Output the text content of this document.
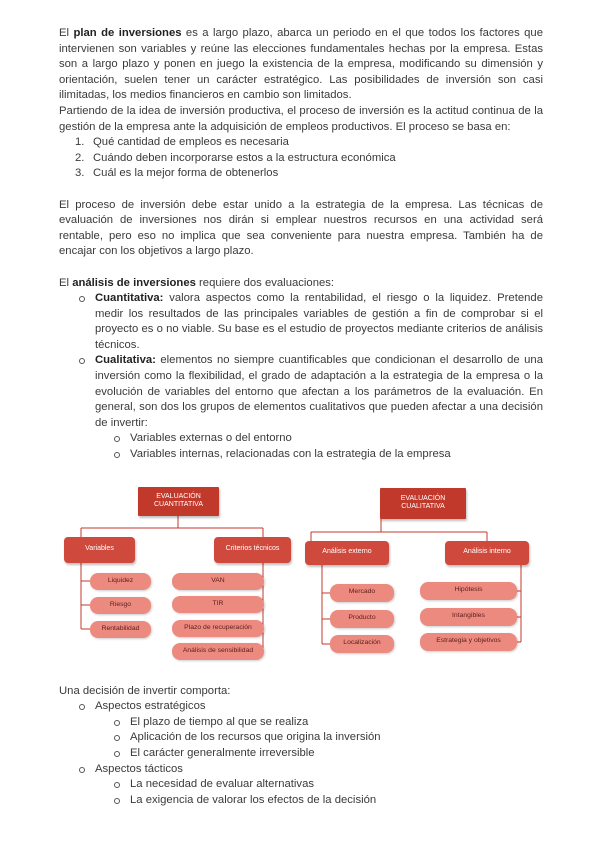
El plan de inversiones es a largo plazo, abarca un periodo en el que todos los factores que intervienen son variables y reúne las elecciones fundamentales hechas por la empresa. Estas son a largo plazo y ponen en juego la existencia de la empresa, modificando su dimensión y orientación, suelen tener un carácter estratégico. Las posibilidades de inversión son casi ilimitadas, los medios financieros en cambio son limitados.

Partiendo de la idea de inversión productiva, el proceso de inversión es la actitud continua de la gestión de la empresa ante la adquisición de empleos productivos. El proceso se basa en:

1. Qué cantidad de empleos es necesaria
2. Cuándo deben incorporarse estos a la estructura económica
3. Cuál es la mejor forma de obtenerlos

El proceso de inversión debe estar unido a la estrategia de la empresa. Las técnicas de evaluación de inversiones nos dirán si emplear nuestros recursos en una actividad será rentable, pero eso no implica que sea conveniente para nuestra empresa. También ha de encajar con los objetivos a largo plazo.

El análisis de inversiones requiere dos evaluaciones:

Cuantitativa: valora aspectos como la rentabilidad, el riesgo o la liquidez. Pretende medir los resultados de las principales variables de gestión a fin de comprobar si el proyecto es o no viable. Su base es el estudio de proyectos mediante criterios de análisis técnicos.
Cualitativa: elementos no siempre cuantificables que condicionan el desarrollo de una inversión como la flexibilidad, el grado de adaptación a la estrategia de la empresa o la evolución de variables del entorno que afectan a los parámetros de la evaluación. En general, son dos los grupos de elementos cualitativos que pueden afectar a una decisión de invertir:
Variables externas o del entorno
Variables internas, relacionadas con la estrategia de la empresa
EVALUACIÓN CUANTITATIVA
Variables	Criterios técnicos
Liquidez
Riesgo
Rentabilidad
VAN
TIR
Plazo de recuperación
Análisis de sensibilidad
EVALUACIÓN CUALITATIVA
Análisis externo	Análisis interno
Mercado
Producto
Localización
Hipótesis
Intangibles
Estrategia y objetivos

Una decisión de invertir comporta:

Aspectos estratégicos
El plazo de tiempo al que se realiza
Aplicación de los recursos que origina la inversión
El carácter generalmente irreversible
Aspectos tácticos
La necesidad de evaluar alternativas
La exigencia de valorar los efectos de la decisión
